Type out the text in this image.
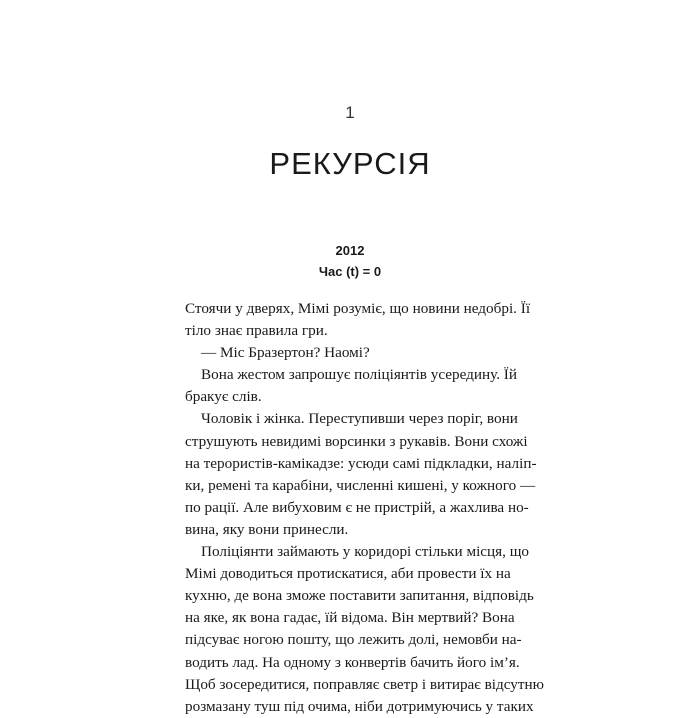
1
РЕКУРСІЯ
2012
Час (t) = 0
Стоячи у дверях, Мімі розуміє, що новини недобрі. Її
тіло знає правила гри.
— Міс Бразертон? Наомі?
Вона жестом запрошує поліціянтів усередину. Їй
бракує слів.
Чоловік і жінка. Переступивши через поріг, вони
струшують невидимі ворсинки з рукавів. Вони схожі
на терористів-камікадзе: усюди самі підкладки, наліп-
ки, ремені та карабіни, численні кишені, у кожного —
по рації. Але вибуховим є не пристрій, а жахлива но-
вина, яку вони принесли.
Поліціянти займають у коридорі стільки місця, що
Мімі доводиться протискатися, аби провести їх на
кухню, де вона зможе поставити запитання, відповідь
на яке, як вона гадає, їй відома. Він мертвий? Вона
підсуває ногою пошту, що лежить долі, немовби на-
водить лад. На одному з конвертів бачить його ім’я.
Щоб зосередитися, поправляє светр і витирає відсутню
розмазану туш під очима, ніби дотримуючись у таких
